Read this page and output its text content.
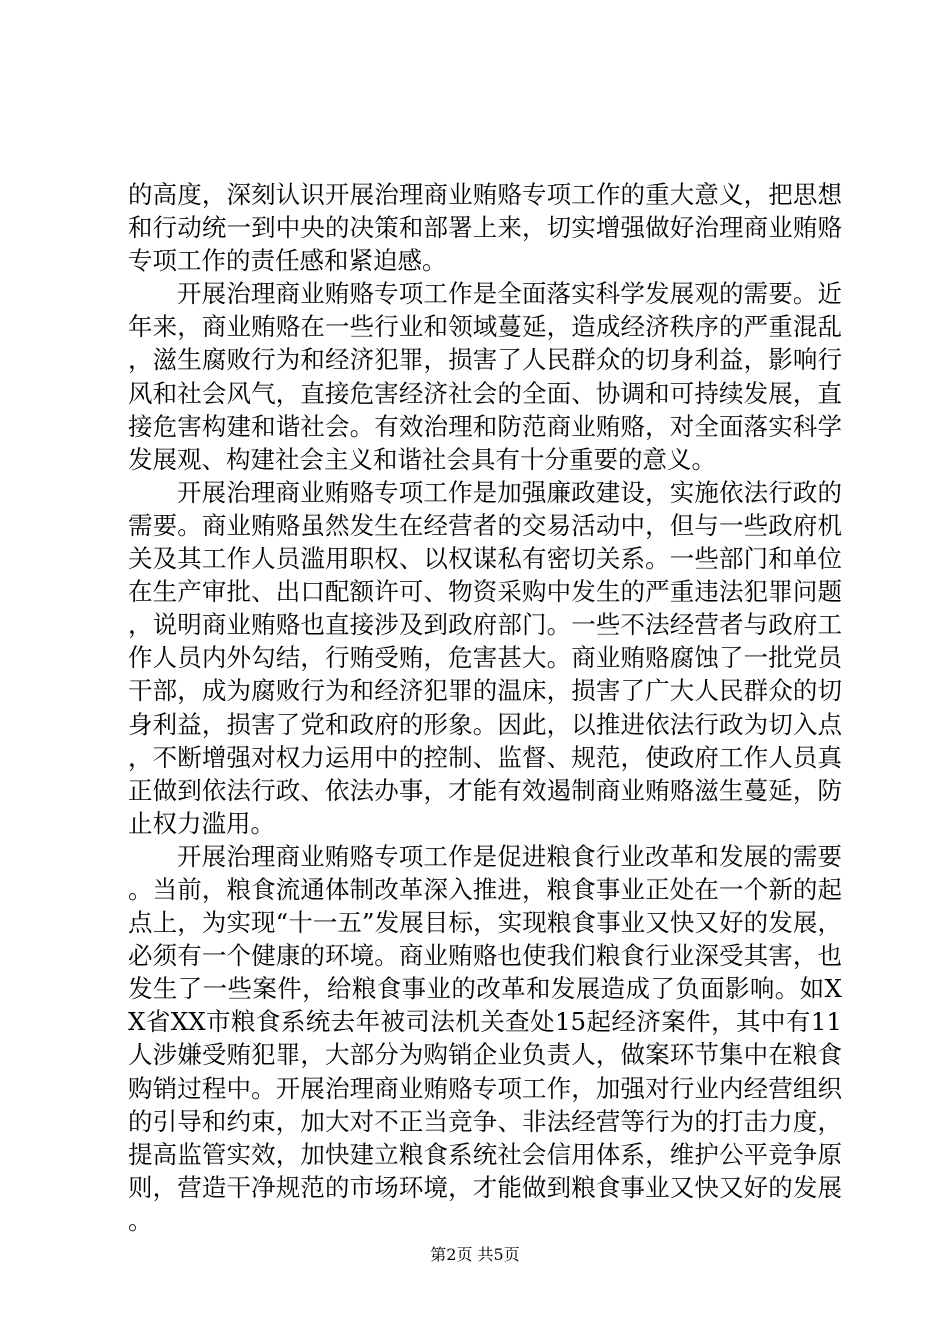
的高度，深刻认识开展治理商业贿赂专项工作的重大意义，把思想和行动统一到中央的决策和部署上来，切实增强做好治理商业贿赂专项工作的责任感和紧迫感。

开展治理商业贿赂专项工作是全面落实科学发展观的需要。近年来，商业贿赂在一些行业和领域蔓延，造成经济秩序的严重混乱，滋生腐败行为和经济犯罪，损害了人民群众的切身利益，影响行风和社会风气，直接危害经济社会的全面、协调和可持续发展，直接危害构建和谐社会。有效治理和防范商业贿赂，对全面落实科学发展观、构建社会主义和谐社会具有十分重要的意义。

开展治理商业贿赂专项工作是加强廉政建设，实施依法行政的需要。商业贿赂虽然发生在经营者的交易活动中，但与一些政府机关及其工作人员滥用职权、以权谋私有密切关系。一些部门和单位在生产审批、出口配额许可、物资采购中发生的严重违法犯罪问题，说明商业贿赂也直接涉及到政府部门。一些不法经营者与政府工作人员内外勾结，行贿受贿，危害甚大。商业贿赂腐蚀了一批党员干部，成为腐败行为和经济犯罪的温床，损害了广大人民群众的切身利益，损害了党和政府的形象。因此，以推进依法行政为切入点，不断增强对权力运用中的控制、监督、规范，使政府工作人员真正做到依法行政、依法办事，才能有效遏制商业贿赂滋生蔓延，防止权力滥用。

开展治理商业贿赂专项工作是促进粮食行业改革和发展的需要。当前，粮食流通体制改革深入推进，粮食事业正处在一个新的起点上，为实现“十一五”发展目标，实现粮食事业又快又好的发展，必须有一个健康的环境。商业贿赂也使我们粮食行业深受其害，也发生了一些案件，给粮食事业的改革和发展造成了负面影响。如XX省XX市粮食系统去年被司法机关查处15起经济案件，其中有11人涉嫌受贿犯罪，大部分为购销企业负责人，做案环节集中在粮食购销过程中。开展治理商业贿赂专项工作，加强对行业内经营组织的引导和约束，加大对不正当竞争、非法经营等行为的打击力度，提高监管实效，加快建立粮食系统社会信用体系，维护公平竞争原则，营造干净规范的市场环境，才能做到粮食事业又快又好的发展。

第2页 共5页
